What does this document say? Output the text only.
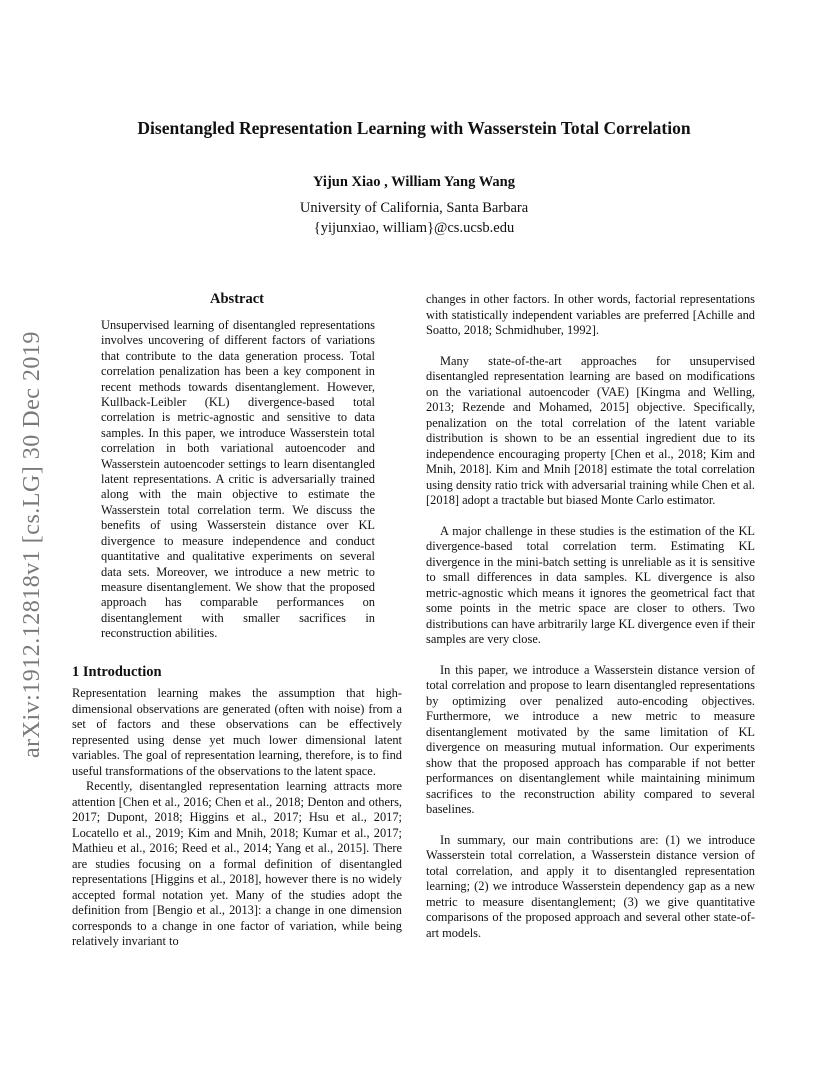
Disentangled Representation Learning with Wasserstein Total Correlation
Yijun Xiao , William Yang Wang
University of California, Santa Barbara
{yijunxiao, william}@cs.ucsb.edu
arXiv:1912.12818v1 [cs.LG] 30 Dec 2019
Abstract
Unsupervised learning of disentangled representations involves uncovering of different factors of variations that contribute to the data generation process. Total correlation penalization has been a key component in recent methods towards disentanglement. However, Kullback-Leibler (KL) divergence-based total correlation is metric-agnostic and sensitive to data samples. In this paper, we introduce Wasserstein total correlation in both variational autoencoder and Wasserstein autoencoder settings to learn disentangled latent representations. A critic is adversarially trained along with the main objective to estimate the Wasserstein total correlation term. We discuss the benefits of using Wasserstein distance over KL divergence to measure independence and conduct quantitative and qualitative experiments on several data sets. Moreover, we introduce a new metric to measure disentanglement. We show that the proposed approach has comparable performances on disentanglement with smaller sacrifices in reconstruction abilities.
1 Introduction

Representation learning makes the assumption that high-dimensional observations are generated (often with noise) from a set of factors and these observations can be effectively represented using dense yet much lower dimensional latent variables. The goal of representation learning, therefore, is to find useful transformations of the observations to the latent space.

Recently, disentangled representation learning attracts more attention [Chen et al., 2016; Chen et al., 2018; Denton and others, 2017; Dupont, 2018; Higgins et al., 2017; Hsu et al., 2017; Locatello et al., 2019; Kim and Mnih, 2018; Kumar et al., 2017; Mathieu et al., 2016; Reed et al., 2014; Yang et al., 2015]. There are studies focusing on a formal definition of disentangled representations [Higgins et al., 2018], however there is no widely accepted formal notation yet. Many of the studies adopt the definition from [Bengio et al., 2013]: a change in one dimension corresponds to a change in one factor of variation, while being relatively invariant to

changes in other factors. In other words, factorial representations with statistically independent variables are preferred [Achille and Soatto, 2018; Schmidhuber, 1992].

Many state-of-the-art approaches for unsupervised disentangled representation learning are based on modifications on the variational autoencoder (VAE) [Kingma and Welling, 2013; Rezende and Mohamed, 2015] objective. Specifically, penalization on the total correlation of the latent variable distribution is shown to be an essential ingredient due to its independence encouraging property [Chen et al., 2018; Kim and Mnih, 2018]. Kim and Mnih [2018] estimate the total correlation using density ratio trick with adversarial training while Chen et al. [2018] adopt a tractable but biased Monte Carlo estimator.

A major challenge in these studies is the estimation of the KL divergence-based total correlation term. Estimating KL divergence in the mini-batch setting is unreliable as it is sensitive to small differences in data samples. KL divergence is also metric-agnostic which means it ignores the geometrical fact that some points in the metric space are closer to others. Two distributions can have arbitrarily large KL divergence even if their samples are very close.

In this paper, we introduce a Wasserstein distance version of total correlation and propose to learn disentangled representations by optimizing over penalized auto-encoding objectives. Furthermore, we introduce a new metric to measure disentanglement motivated by the same limitation of KL divergence on measuring mutual information. Our experiments show that the proposed approach has comparable if not better performances on disentanglement while maintaining minimum sacrifices to the reconstruction ability compared to several baselines.

In summary, our main contributions are: (1) we introduce Wasserstein total correlation, a Wasserstein distance version of total correlation, and apply it to disentangled representation learning; (2) we introduce Wasserstein dependency gap as a new metric to measure disentanglement; (3) we give quantitative comparisons of the proposed approach and several other state-of-art models.
